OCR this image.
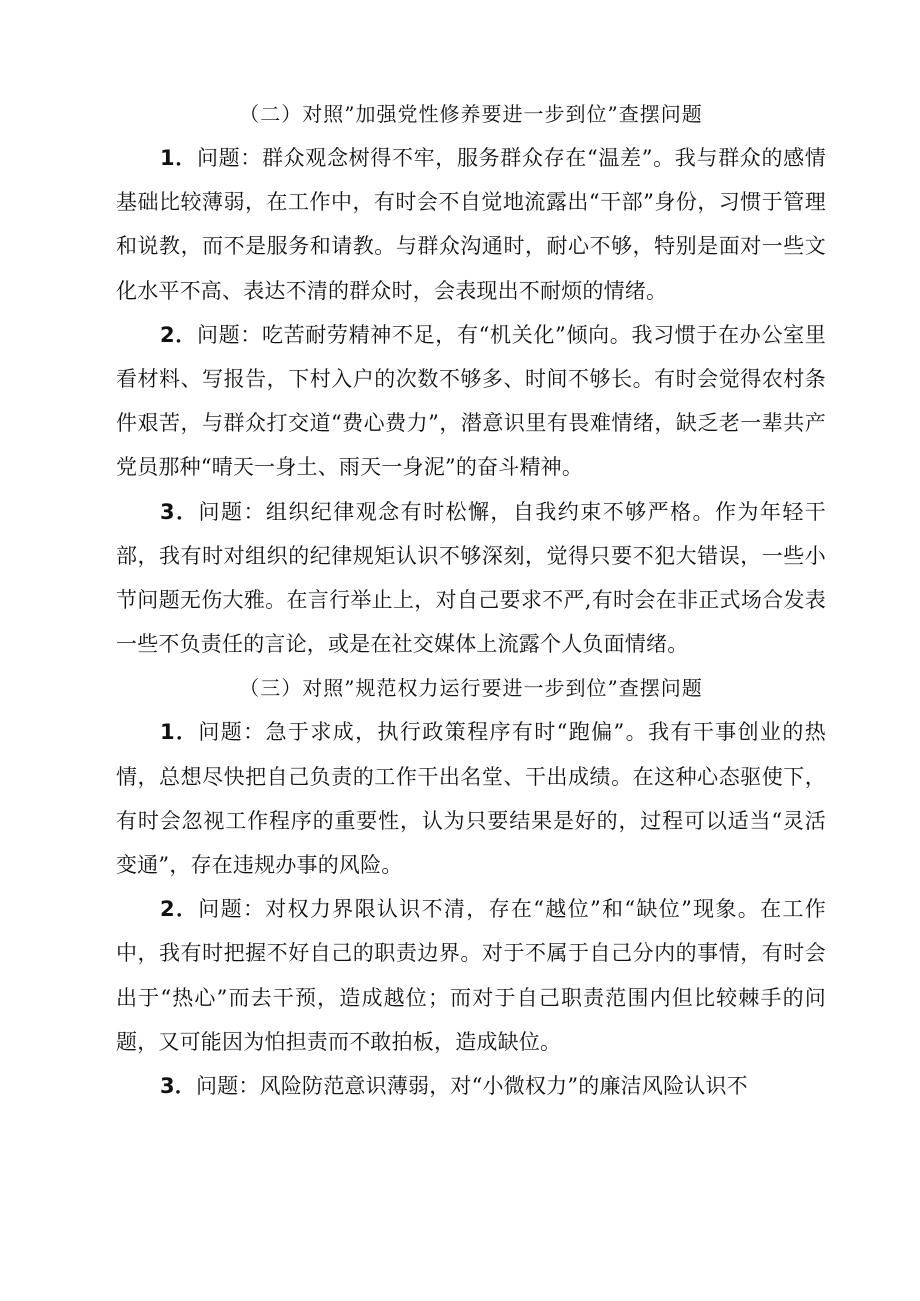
（二）对照”加强党性修养要进一步到位”查摆问题

1．问题：群众观念树得不牢，服务群众存在“温差”。我与群众的感情基础比较薄弱，在工作中，有时会不自觉地流露出“干部”身份，习惯于管理和说教，而不是服务和请教。与群众沟通时，耐心不够，特别是面对一些文化水平不高、表达不清的群众时，会表现出不耐烦的情绪。

2．问题：吃苦耐劳精神不足，有“机关化”倾向。我习惯于在办公室里看材料、写报告，下村入户的次数不够多、时间不够长。有时会觉得农村条件艰苦，与群众打交道“费心费力”，潜意识里有畏难情绪，缺乏老一辈共产党员那种“晴天一身土、雨天一身泥”的奋斗精神。

3．问题：组织纪律观念有时松懈，自我约束不够严格。作为年轻干部，我有时对组织的纪律规矩认识不够深刻，觉得只要不犯大错误，一些小节问题无伤大雅。在言行举止上，对自己要求不严,有时会在非正式场合发表一些不负责任的言论，或是在社交媒体上流露个人负面情绪。

（三）对照”规范权力运行要进一步到位”查摆问题

1．问题：急于求成，执行政策程序有时“跑偏”。我有干事创业的热情，总想尽快把自己负责的工作干出名堂、干出成绩。在这种心态驱使下，有时会忽视工作程序的重要性，认为只要结果是好的，过程可以适当“灵活变通”，存在违规办事的风险。

2．问题：对权力界限认识不清，存在“越位”和“缺位”现象。在工作中，我有时把握不好自己的职责边界。对于不属于自己分内的事情，有时会出于“热心”而去干预，造成越位；而对于自己职责范围内但比较棘手的问题，又可能因为怕担责而不敢拍板，造成缺位。

3．问题：风险防范意识薄弱，对“小微权力”的廉洁风险认识不
